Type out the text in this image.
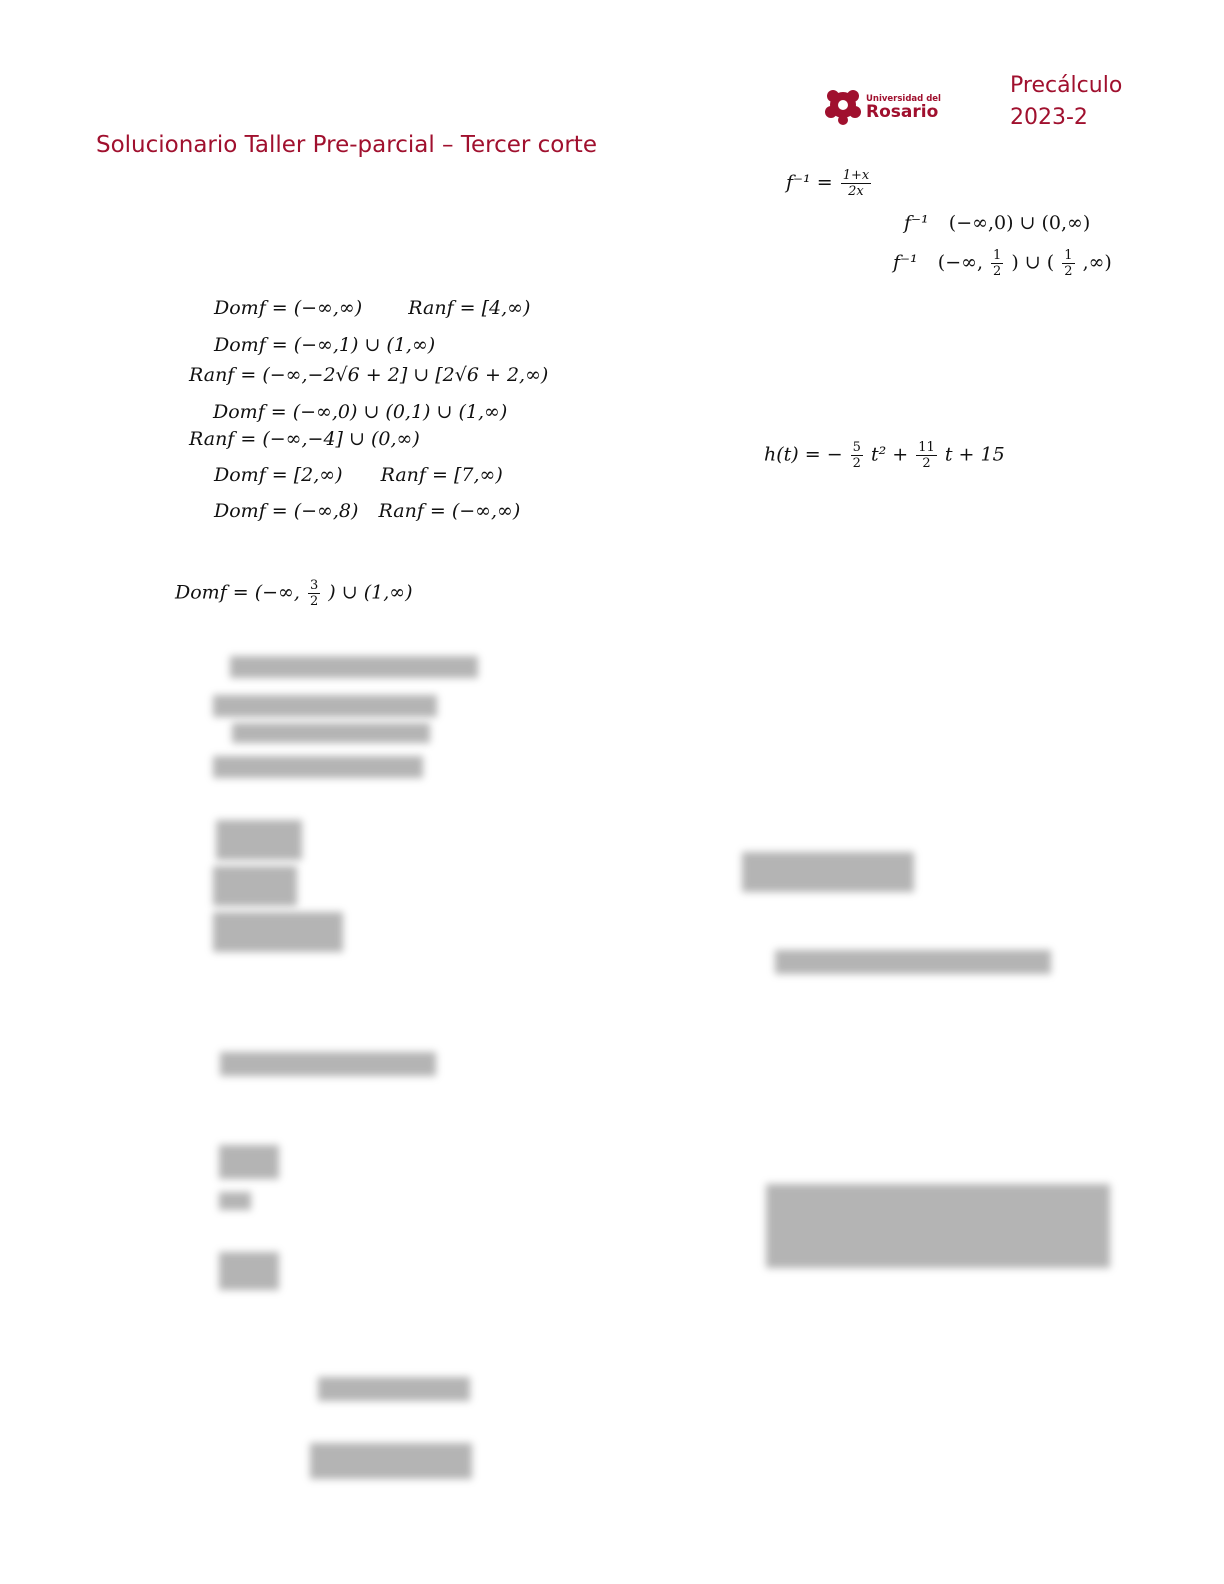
Solucionario Taller Pre-parcial – Tercer corte
Universidad del
Rosario
Precálculo
2023-2
Domf = (−∞,∞) Ranf = [4,∞)
Domf = (−∞,1) ∪ (1,∞)
Ranf = (−∞,−2√6 + 2] ∪ [2√6 + 2,∞)
Domf = (−∞,0) ∪ (0,1) ∪ (1,∞)
Ranf = (−∞,−4] ∪ (0,∞)
Domf = [2,∞) Ranf = [7,∞)
Domf = (−∞,8) Ranf = (−∞,∞)
Domf = (−∞, $\frac{3}{2}$ ) ∪ (1,∞)
$f^{-1} = \frac{1+x}{2x}$
f⁻¹ (−∞,0) ∪ (0,∞)
f⁻¹ (−∞, $\frac{1}{2}$ ) ∪ ( $\frac{1}{2}$ ,∞)
h(t) = − $\frac{5}{2} t^2 + \frac{11}{2}$ t + 15
